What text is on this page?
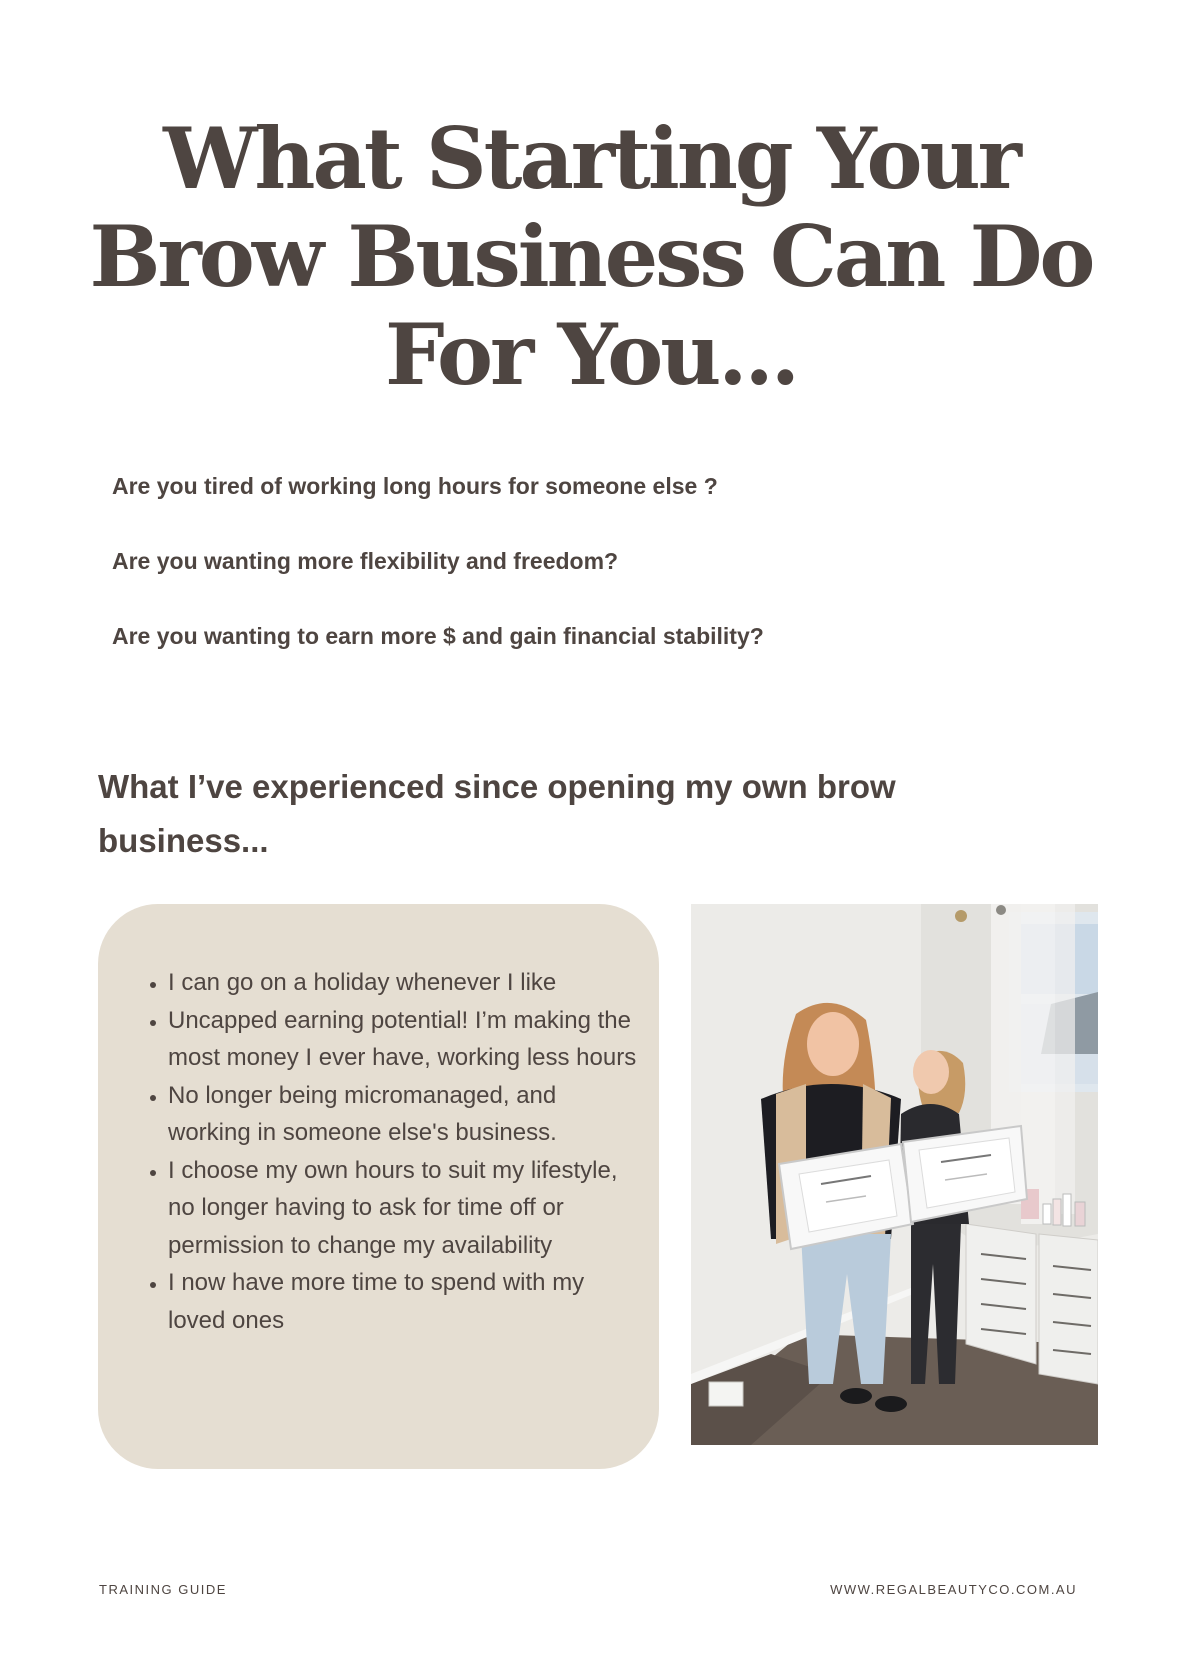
What Starting Your
Brow Business Can Do
For You...
Are you tired of working long hours for someone else ?
Are you wanting more flexibility and freedom?
Are you wanting to earn more $ and gain financial stability?
What I’ve experienced since opening my own brow business...
• I can go on a holiday whenever I like
• Uncapped earning potential! I’m making the most money I ever have, working less hours
• No longer being micromanaged, and working in someone else's business.
• I choose my own hours to suit my lifestyle, no longer having to ask for time off or permission to change my availability
• I now have more time to spend with my loved ones
TRAINING GUIDE	WWW.REGALBEAUTYCO.COM.AU
